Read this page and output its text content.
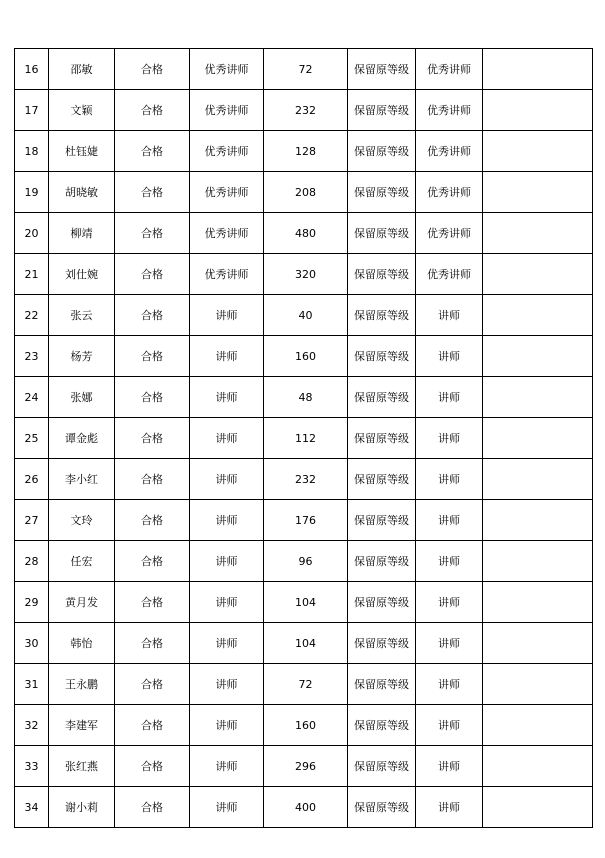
16	邵敏	合格	优秀讲师	72	保留原等级	优秀讲师	
17	文颖	合格	优秀讲师	232	保留原等级	优秀讲师	
18	杜钰婕	合格	优秀讲师	128	保留原等级	优秀讲师	
19	胡晓敏	合格	优秀讲师	208	保留原等级	优秀讲师	
20	柳靖	合格	优秀讲师	480	保留原等级	优秀讲师	
21	刘仕婉	合格	优秀讲师	320	保留原等级	优秀讲师	
22	张云	合格	讲师	40	保留原等级	讲师	
23	杨芳	合格	讲师	160	保留原等级	讲师	
24	张娜	合格	讲师	48	保留原等级	讲师	
25	谭金彪	合格	讲师	112	保留原等级	讲师	
26	李小红	合格	讲师	232	保留原等级	讲师	
27	文玲	合格	讲师	176	保留原等级	讲师	
28	任宏	合格	讲师	96	保留原等级	讲师	
29	黄月发	合格	讲师	104	保留原等级	讲师	
30	韩怡	合格	讲师	104	保留原等级	讲师	
31	王永鹏	合格	讲师	72	保留原等级	讲师	
32	李建军	合格	讲师	160	保留原等级	讲师	
33	张红燕	合格	讲师	296	保留原等级	讲师	
34	谢小莉	合格	讲师	400	保留原等级	讲师	
